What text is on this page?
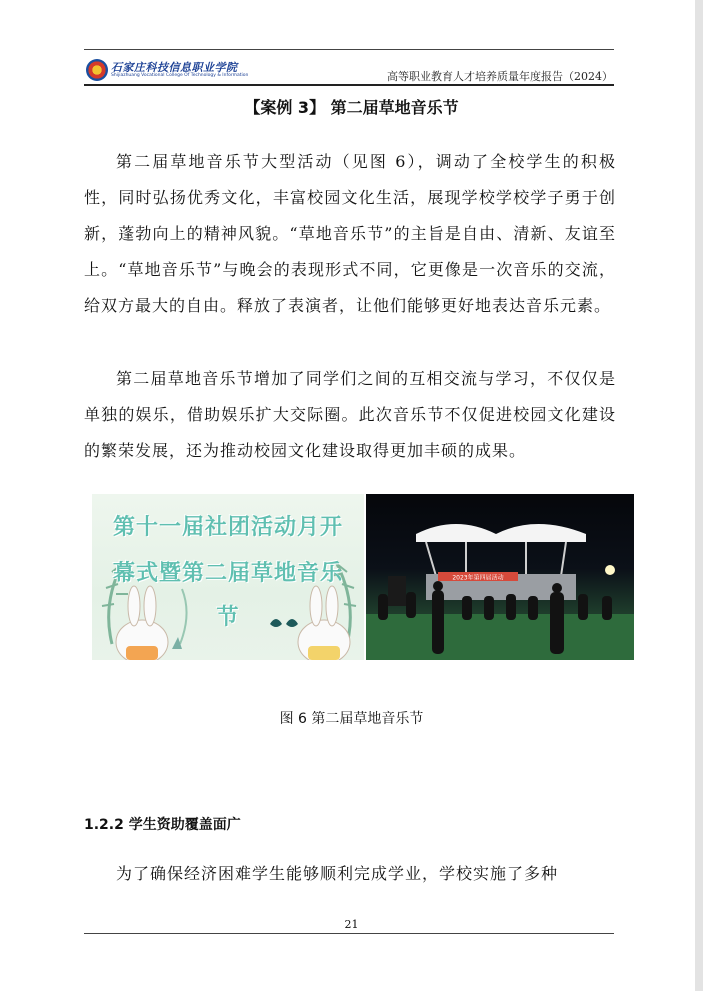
石家庄科技信息职业学院
Shijiazhuang Vocational College Of Technology & Information	高等职业教育人才培养质量年度报告（2024）
【案例 3】 第二届草地音乐节

第二届草地音乐节大型活动（见图 6），调动了全校学生的积极性，同时弘扬优秀文化，丰富校园文化生活，展现学校学校学子勇于创新，蓬勃向上的精神风貌。“草地音乐节”的主旨是自由、清新、友谊至上。“草地音乐节”与晚会的表现形式不同，它更像是一次音乐的交流，给双方最大的自由。释放了表演者，让他们能够更好地表达音乐元素。

第二届草地音乐节增加了同学们之间的互相交流与学习，不仅仅是单独的娱乐，借助娱乐扩大交际圈。此次音乐节不仅促进校园文化建设的繁荣发展，还为推动校园文化建设取得更加丰硕的成果。

第十一届社团活动月开
幕式暨第二届草地音乐
节
2023年第四届活动
图 6 第二届草地音乐节
1.2.2 学生资助覆盖面广

为了确保经济困难学生能够顺利完成学业，学校实施了多种

21
